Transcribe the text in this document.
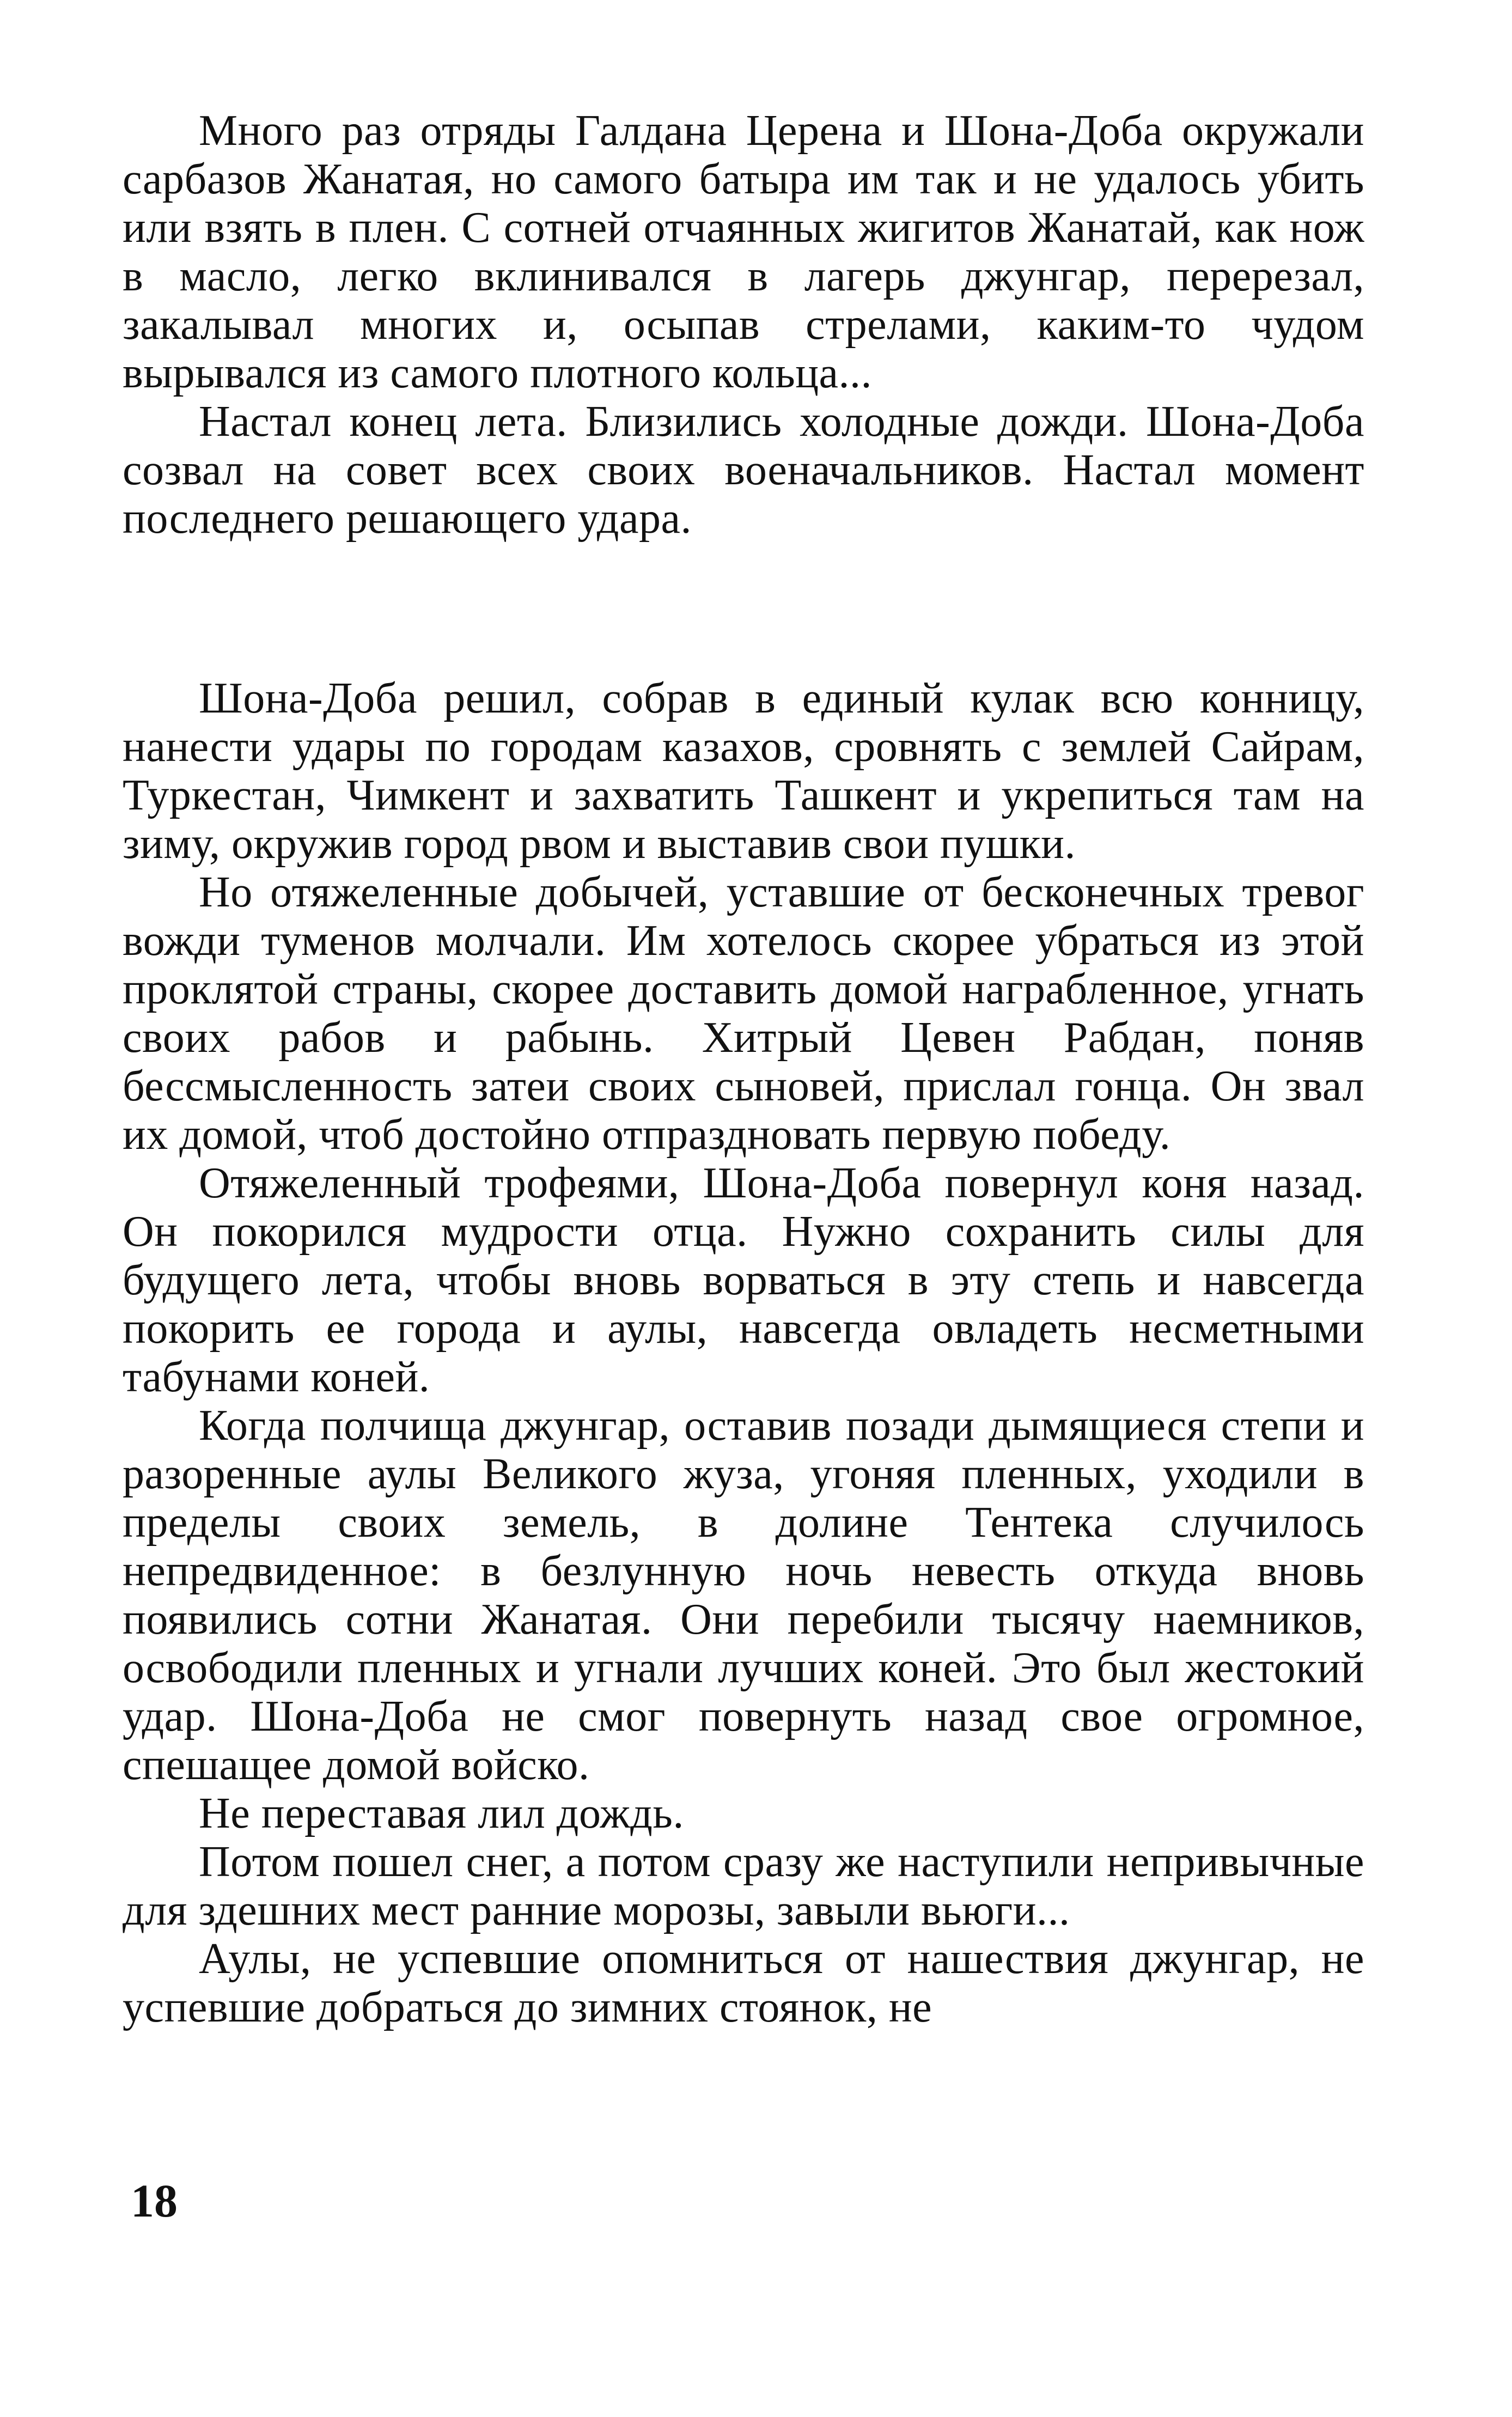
Много раз отряды Галдана Церена и Шона-Доба окружали сарбазов Жанатая, но самого батыра им так и не удалось убить или взять в плен. С сотней отчаянных жигитов Жанатай, как нож в масло, легко вклинивался в лагерь джунгар, перерезал, закалывал многих и, осыпав стрелами, каким-то чудом вырывался из самого плотного кольца...

Настал конец лета. Близились холодные дожди. Шона-Доба созвал на совет всех своих военачальников. Настал момент последнего решающего удара.

Шона-Доба решил, собрав в единый кулак всю конницу, нанести удары по городам казахов, сровнять с землей Сайрам, Туркестан, Чимкент и захватить Ташкент и укрепиться там на зиму, окружив город рвом и выставив свои пушки.

Но отяжеленные добычей, уставшие от бесконечных тревог вожди туменов молчали. Им хотелось скорее убраться из этой проклятой страны, скорее доставить домой награбленное, угнать своих рабов и рабынь. Хитрый Цевен Рабдан, поняв бессмысленность затеи своих сыновей, прислал гонца. Он звал их домой, чтоб достойно отпраздновать первую победу.

Отяжеленный трофеями, Шона-Доба повернул коня назад. Он покорился мудрости отца. Нужно сохранить силы для будущего лета, чтобы вновь ворваться в эту степь и навсегда покорить ее города и аулы, навсегда овладеть несметными табунами коней.

Когда полчища джунгар, оставив позади дымящиеся степи и разоренные аулы Великого жуза, угоняя пленных, уходили в пределы своих земель, в долине Тентека случилось непредвиденное: в безлунную ночь невесть откуда вновь появились сотни Жанатая. Они перебили тысячу наемников, освободили пленных и угнали лучших коней. Это был жестокий удар. Шона-Доба не смог повернуть назад свое огромное, спешащее домой войско.

Не переставая лил дождь.

Потом пошел снег, а потом сразу же наступили непривычные для здешних мест ранние морозы, завыли вьюги...

Аулы, не успевшие опомниться от нашествия джунгар, не успевшие добраться до зимних стоянок, не

18
